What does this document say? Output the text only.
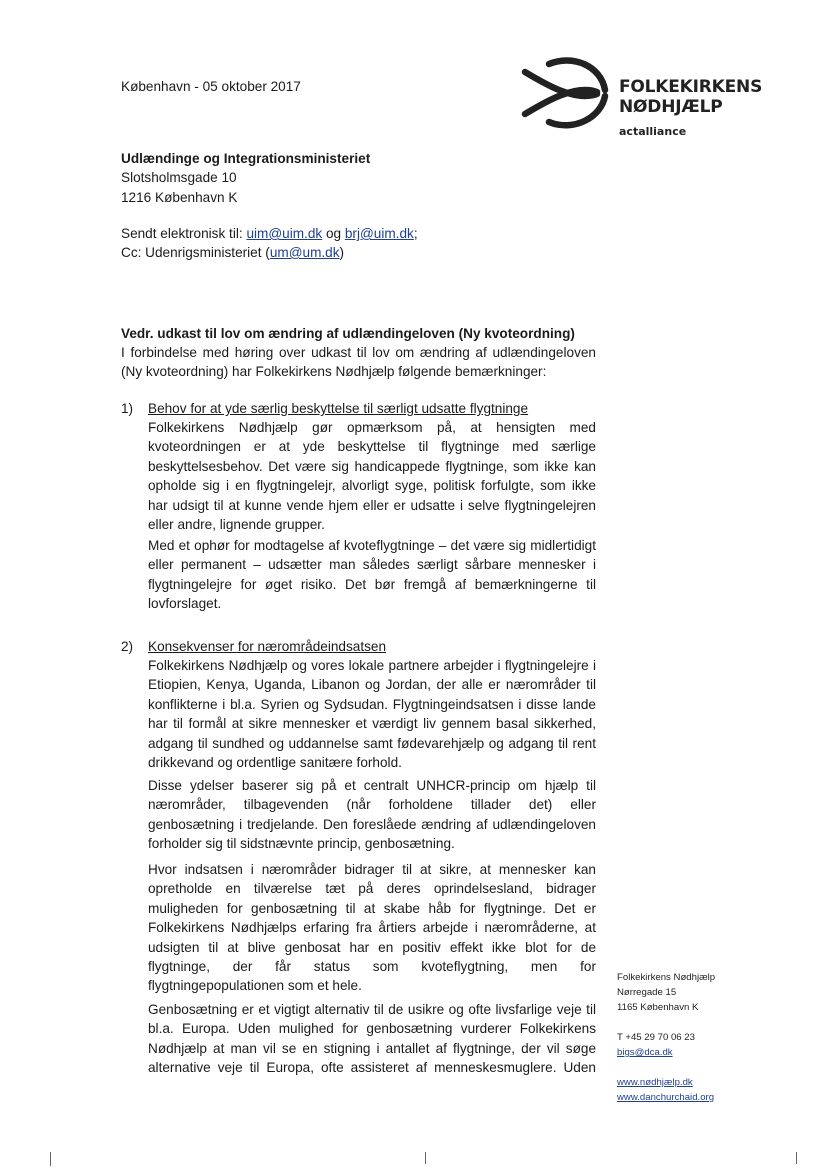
København - 05 oktober 2017	FOLKEKIRKENS
NØDHJÆLP
actalliance
Udlændinge og Integrationsministeriet
Slotsholmsgade 10
1216 København K
Sendt elektronisk til: uim@uim.dk og brj@uim.dk;
Cc: Udenrigsministeriet (um@um.dk)
Vedr. udkast til lov om ændring af udlændingeloven (Ny kvoteordning)
I forbindelse med høring over udkast til lov om ændring af udlændingeloven (Ny kvoteordning) har Folkekirkens Nødhjælp følgende bemærkninger:
1) Behov for at yde særlig beskyttelse til særligt udsatte flygtninge
Folkekirkens Nødhjælp gør opmærksom på, at hensigten med kvoteordningen er at yde beskyttelse til flygtninge med særlige beskyttelsesbehov. Det være sig handicappede flygtninge, som ikke kan opholde sig i en flygtningelejr, alvorligt syge, politisk forfulgte, som ikke har udsigt til at kunne vende hjem eller er udsatte i selve flygtningelejren eller andre, lignende grupper.
Med et ophør for modtagelse af kvoteflygtninge – det være sig midlertidigt eller permanent – udsætter man således særligt sårbare mennesker i flygtningelejre for øget risiko. Det bør fremgå af bemærkningerne til lovforslaget.
2) Konsekvenser for nærområdeindsatsen
Folkekirkens Nødhjælp og vores lokale partnere arbejder i flygtningelejre i Etiopien, Kenya, Uganda, Libanon og Jordan, der alle er nærområder til konflikterne i bl.a. Syrien og Sydsudan. Flygtningeindsatsen i disse lande har til formål at sikre mennesker et værdigt liv gennem basal sikkerhed, adgang til sundhed og uddannelse samt fødevarehjælp og adgang til rent drikkevand og ordentlige sanitære forhold.
Disse ydelser baserer sig på et centralt UNHCR-princip om hjælp til nærområder, tilbagevenden (når forholdene tillader det) eller genbosætning i tredjelande. Den foreslåede ændring af udlændingeloven forholder sig til sidstnævnte princip, genbosætning.
Hvor indsatsen i nærområder bidrager til at sikre, at mennesker kan opretholde en tilværelse tæt på deres oprindelsesland, bidrager muligheden for genbosætning til at skabe håb for flygtninge. Det er Folkekirkens Nødhjælps erfaring fra årtiers arbejde i nærområderne, at udsigten til at blive genbosat har en positiv effekt ikke blot for de flygtninge, der får status som kvoteflygtning, men for flygtningepopulationen som et hele.
Genbosætning er et vigtigt alternativ til de usikre og ofte livsfarlige veje til bl.a. Europa. Uden mulighed for genbosætning vurderer Folkekirkens Nødhjælp at man vil se en stigning i antallet af flygtninge, der vil søge alternative veje til Europa, ofte assisteret af menneskesmuglere. Uden
Folkekirkens Nødhjælp
Nørregade 15
1165 København K
T +45 29 70 06 23
bigs@dca.dk
www.nødhjælp.dk
www.danchurchaid.org
